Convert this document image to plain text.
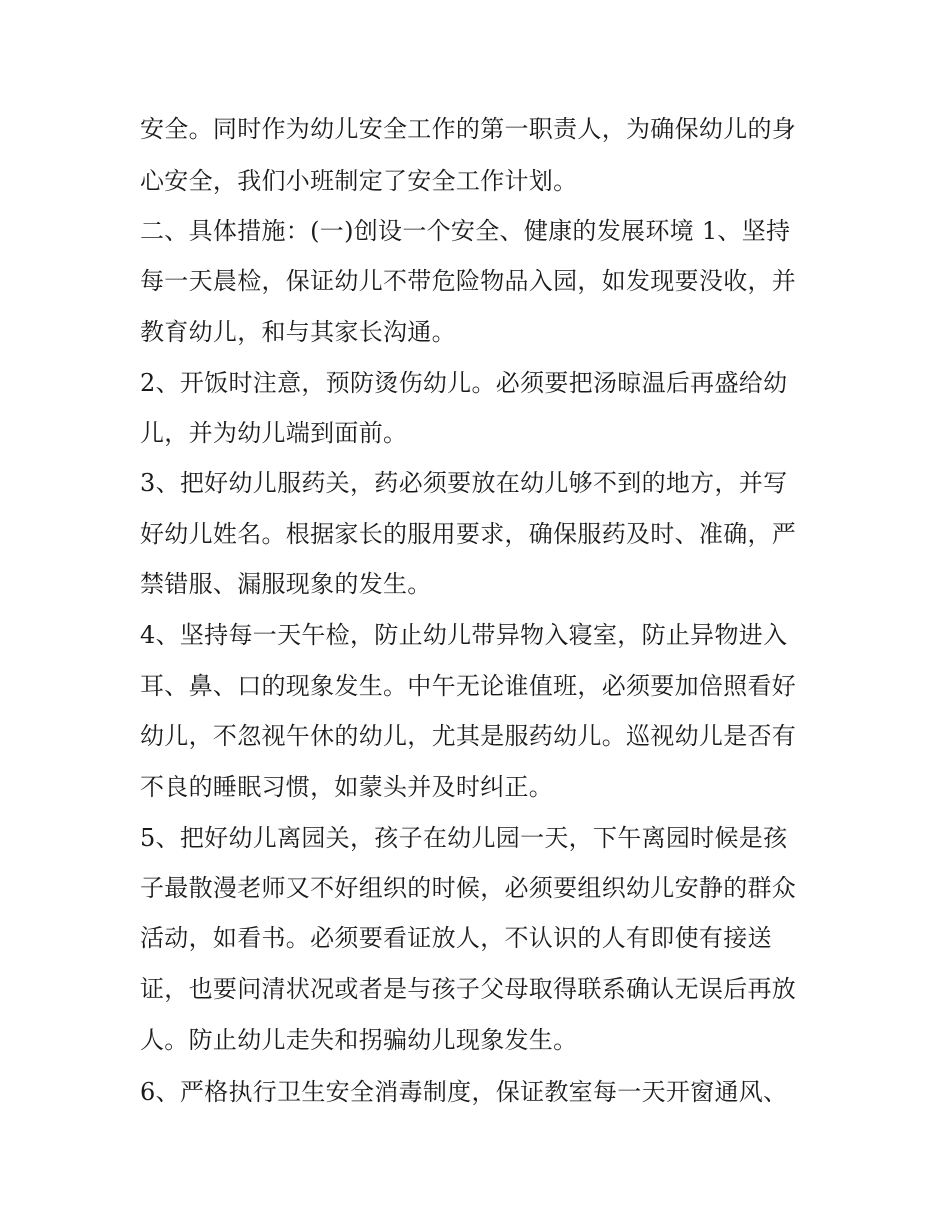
安全。同时作为幼儿安全工作的第一职责人，为确保幼儿的身
心安全，我们小班制定了安全工作计划。
二、具体措施：(一)创设一个安全、健康的发展环境 1、坚持
每一天晨检，保证幼儿不带危险物品入园，如发现要没收，并
教育幼儿，和与其家长沟通。
2、开饭时注意，预防烫伤幼儿。必须要把汤晾温后再盛给幼
儿，并为幼儿端到面前。
3、把好幼儿服药关，药必须要放在幼儿够不到的地方，并写
好幼儿姓名。根据家长的服用要求，确保服药及时、准确，严
禁错服、漏服现象的发生。
4、坚持每一天午检，防止幼儿带异物入寝室，防止异物进入
耳、鼻、口的现象发生。中午无论谁值班，必须要加倍照看好
幼儿，不忽视午休的幼儿，尤其是服药幼儿。巡视幼儿是否有
不良的睡眠习惯，如蒙头并及时纠正。
5、把好幼儿离园关，孩子在幼儿园一天，下午离园时候是孩
子最散漫老师又不好组织的时候，必须要组织幼儿安静的群众
活动，如看书。必须要看证放人，不认识的人有即使有接送
证，也要问清状况或者是与孩子父母取得联系确认无误后再放
人。防止幼儿走失和拐骗幼儿现象发生。
6、严格执行卫生安全消毒制度，保证教室每一天开窗通风、
